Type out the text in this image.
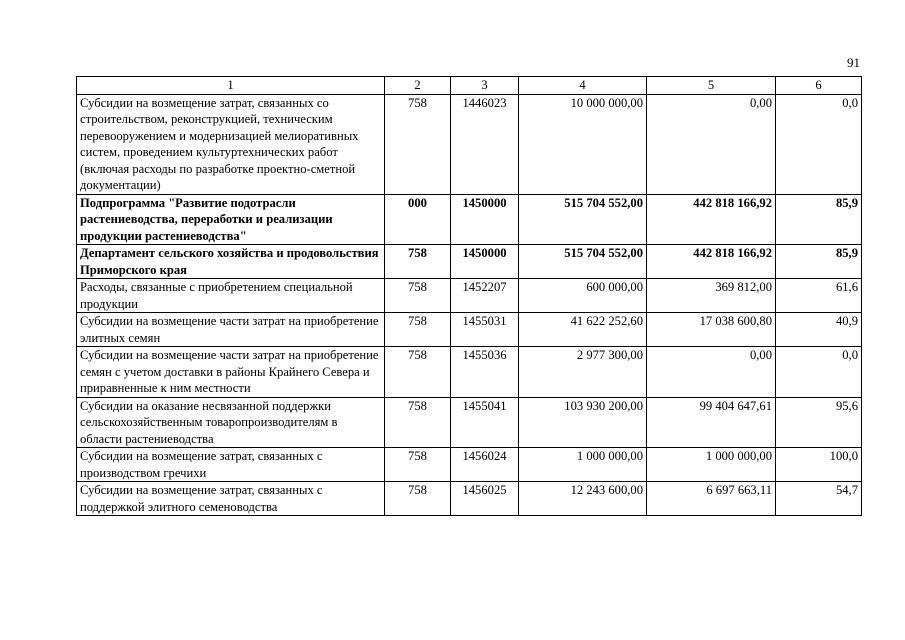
91
1	2	3	4	5	6
Субсидии на возмещение затрат, связанных со строительством, реконструкцией, техническим перевооружением и модернизацией мелиоративных систем, проведением культуртехнических работ (включая расходы по разработке проектно-сметной документации)	758	1446023	10 000 000,00	0,00	0,0
Подпрограмма "Развитие подотрасли растениеводства, переработки и реализации продукции растениеводства"	000	1450000	515 704 552,00	442 818 166,92	85,9
Департамент сельского хозяйства и продовольствия Приморского края	758	1450000	515 704 552,00	442 818 166,92	85,9
Расходы, связанные с приобретением специальной продукции	758	1452207	600 000,00	369 812,00	61,6
Субсидии на возмещение части затрат на приобретение элитных семян	758	1455031	41 622 252,60	17 038 600,80	40,9
Субсидии на возмещение части затрат на приобретение семян с учетом доставки в районы Крайнего Севера и приравненные к ним местности	758	1455036	2 977 300,00	0,00	0,0
Субсидии на оказание несвязанной поддержки сельскохозяйственным товаропроизводителям в области растениеводства	758	1455041	103 930 200,00	99 404 647,61	95,6
Субсидии на возмещение затрат, связанных с производством гречихи	758	1456024	1 000 000,00	1 000 000,00	100,0
Субсидии на возмещение затрат, связанных с поддержкой элитного семеноводства	758	1456025	12 243 600,00	6 697 663,11	54,7
